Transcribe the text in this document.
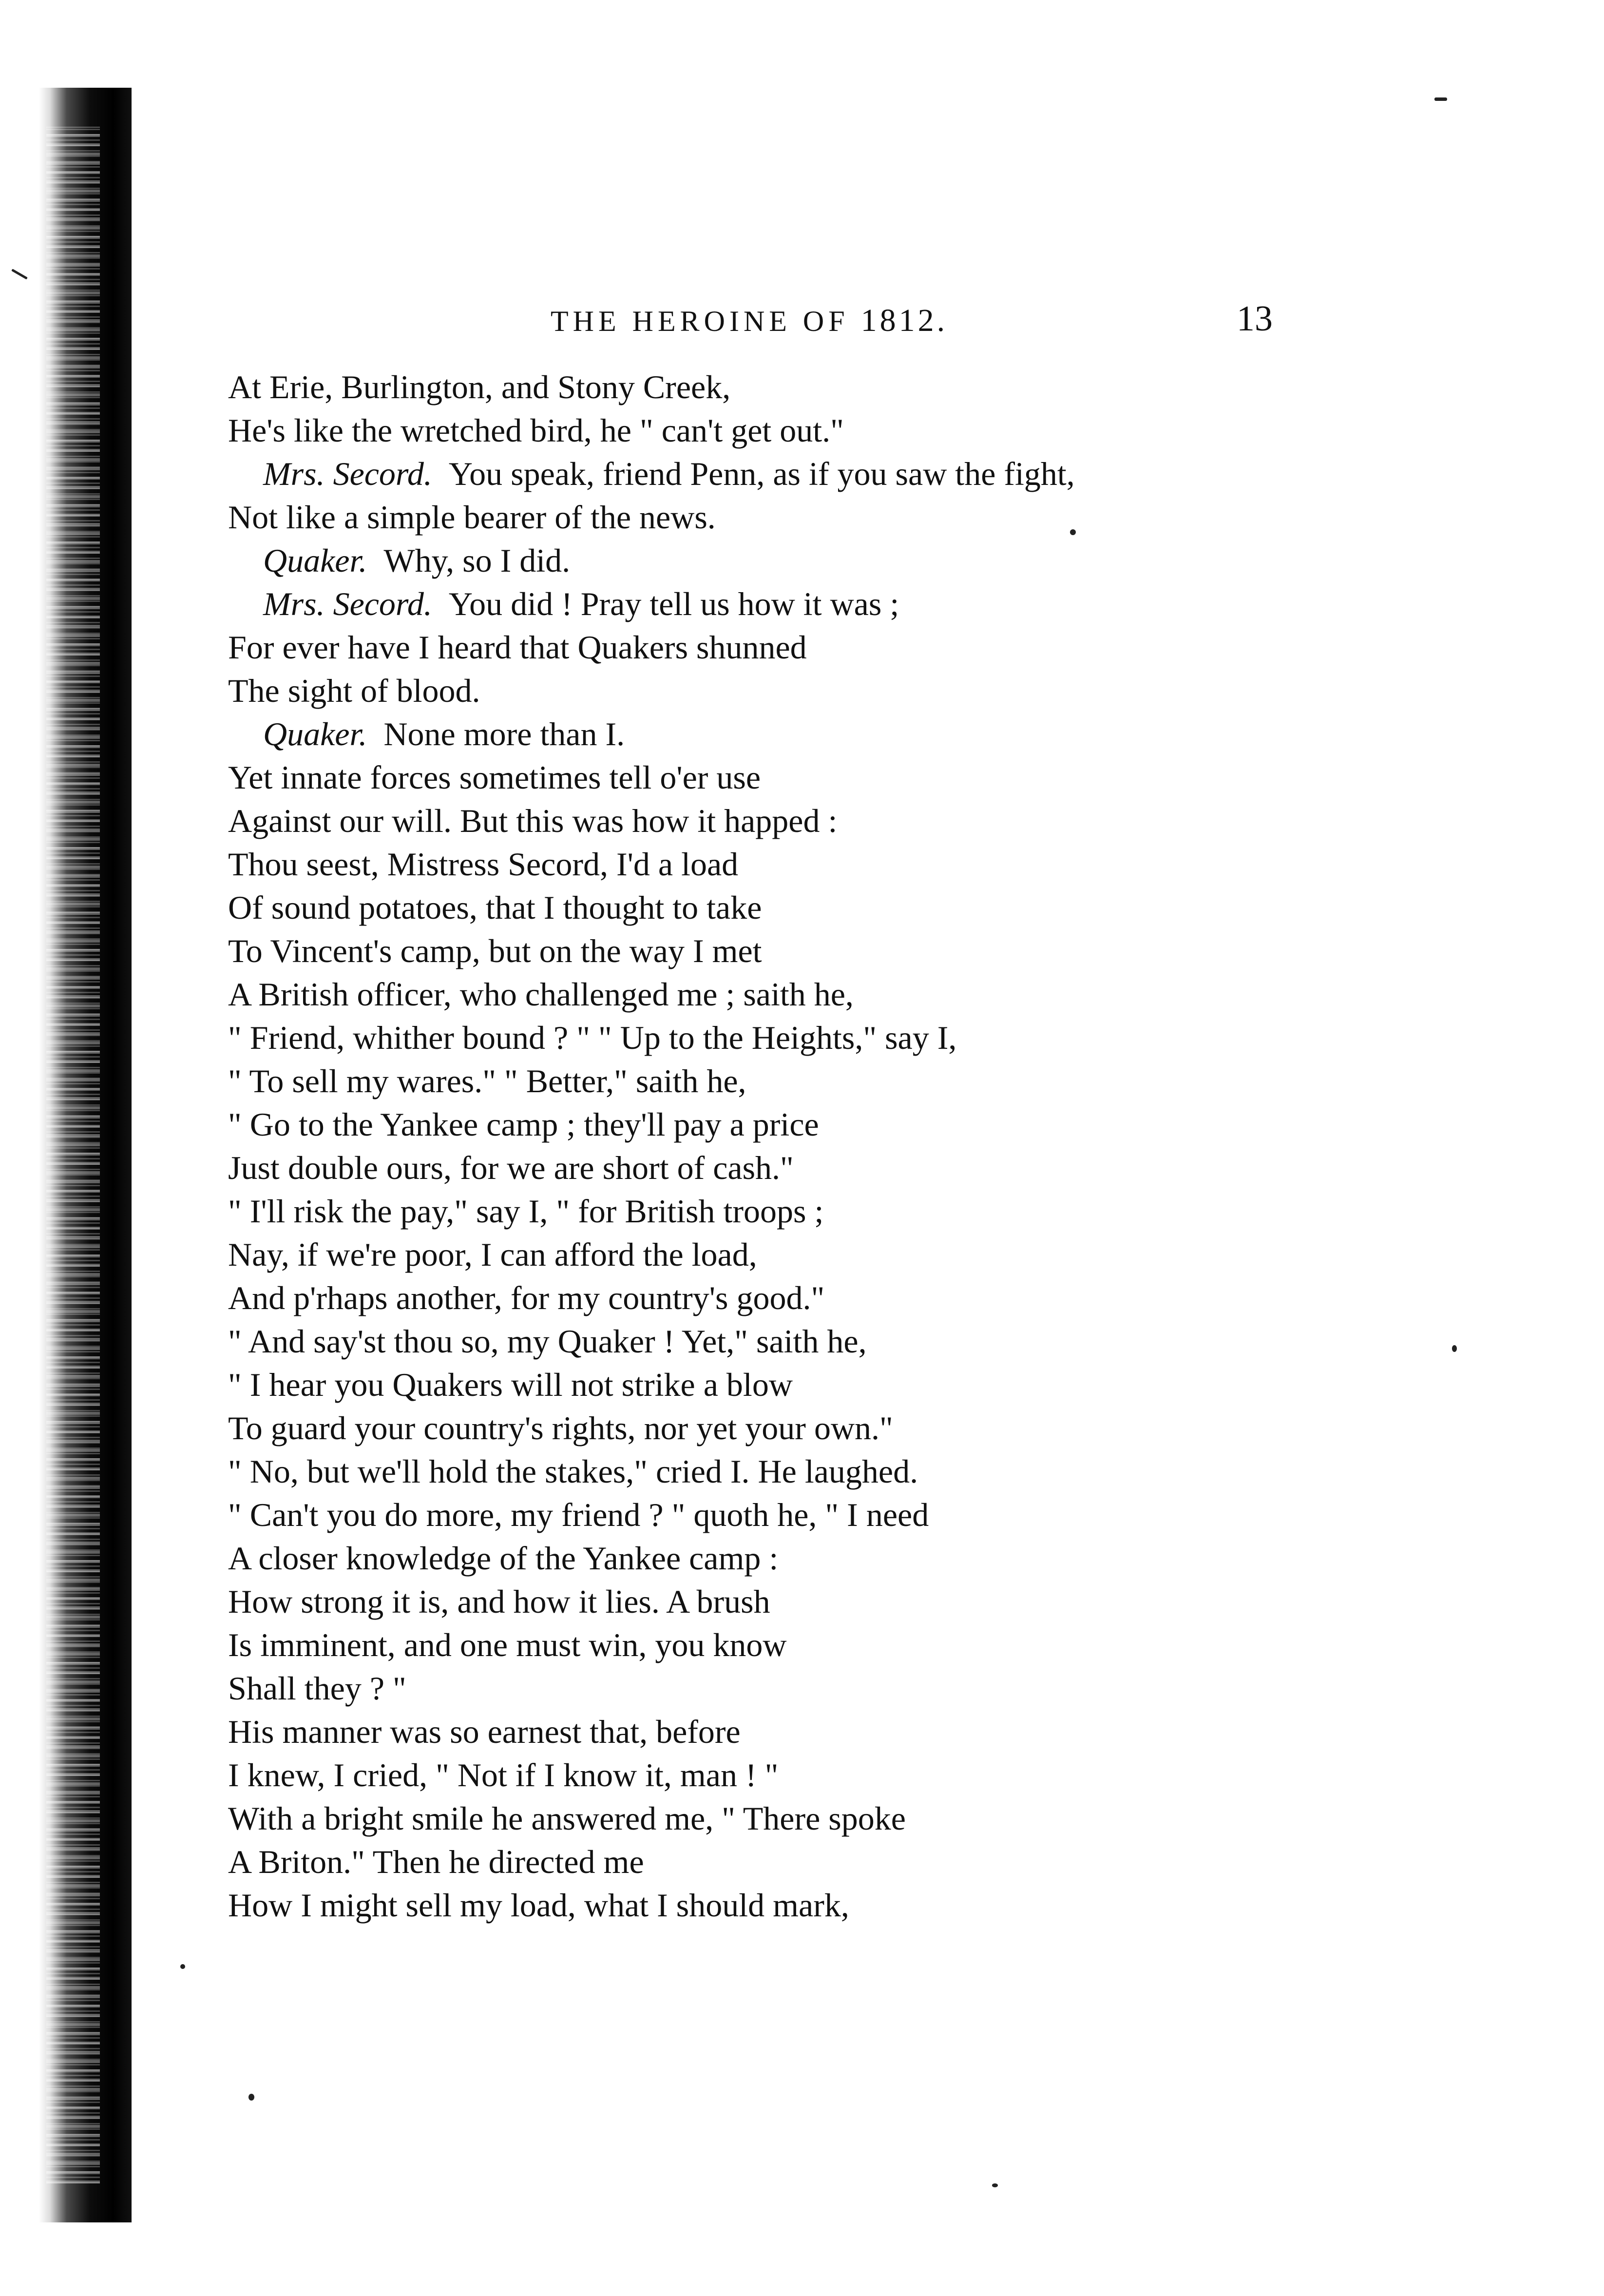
THE HEROINE OF 1812.	13
At Erie, Burlington, and Stony Creek,
He's like the wretched bird, he " can't get out."
Mrs. Secord. You speak, friend Penn, as if you saw the fight,
Not like a simple bearer of the news.
Quaker. Why, so I did.
Mrs. Secord. You did ! Pray tell us how it was ;
For ever have I heard that Quakers shunned
The sight of blood.
Quaker. None more than I.
Yet innate forces sometimes tell o'er use
Against our will. But this was how it happed :
Thou seest, Mistress Secord, I'd a load
Of sound potatoes, that I thought to take
To Vincent's camp, but on the way I met
A British officer, who challenged me ; saith he,
" Friend, whither bound ? " " Up to the Heights," say I,
" To sell my wares." " Better," saith he,
" Go to the Yankee camp ; they'll pay a price
Just double ours, for we are short of cash."
" I'll risk the pay," say I, " for British troops ;
Nay, if we're poor, I can afford the load,
And p'rhaps another, for my country's good."
" And say'st thou so, my Quaker ! Yet," saith he,
" I hear you Quakers will not strike a blow
To guard your country's rights, nor yet your own."
" No, but we'll hold the stakes," cried I. He laughed.
" Can't you do more, my friend ? " quoth he, " I need
A closer knowledge of the Yankee camp :
How strong it is, and how it lies. A brush
Is imminent, and one must win, you know
Shall they ? "
His manner was so earnest that, before
I knew, I cried, " Not if I know it, man ! "
With a bright smile he answered me, " There spoke
A Briton." Then he directed me
How I might sell my load, what I should mark,
